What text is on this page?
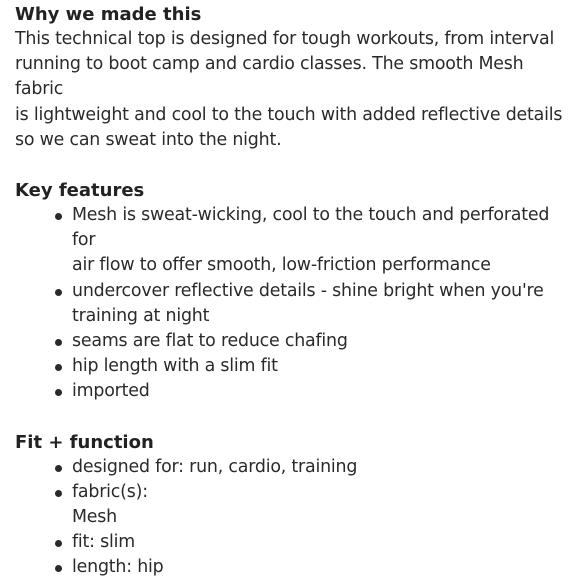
Why we made this

This technical top is designed for tough workouts, from interval
running to boot camp and cardio classes. The smooth Mesh fabric
is lightweight and cool to the touch with added reflective details
so we can sweat into the night.

Key features
Mesh is sweat-wicking, cool to the touch and perforated for
air flow to offer smooth, low-friction performance
undercover reflective details - shine bright when you're
training at night
seams are flat to reduce chafing
hip length with a slim fit
imported
Fit + function
designed for: run, cardio, training
fabric(s):
Mesh
fit: slim
length: hip
